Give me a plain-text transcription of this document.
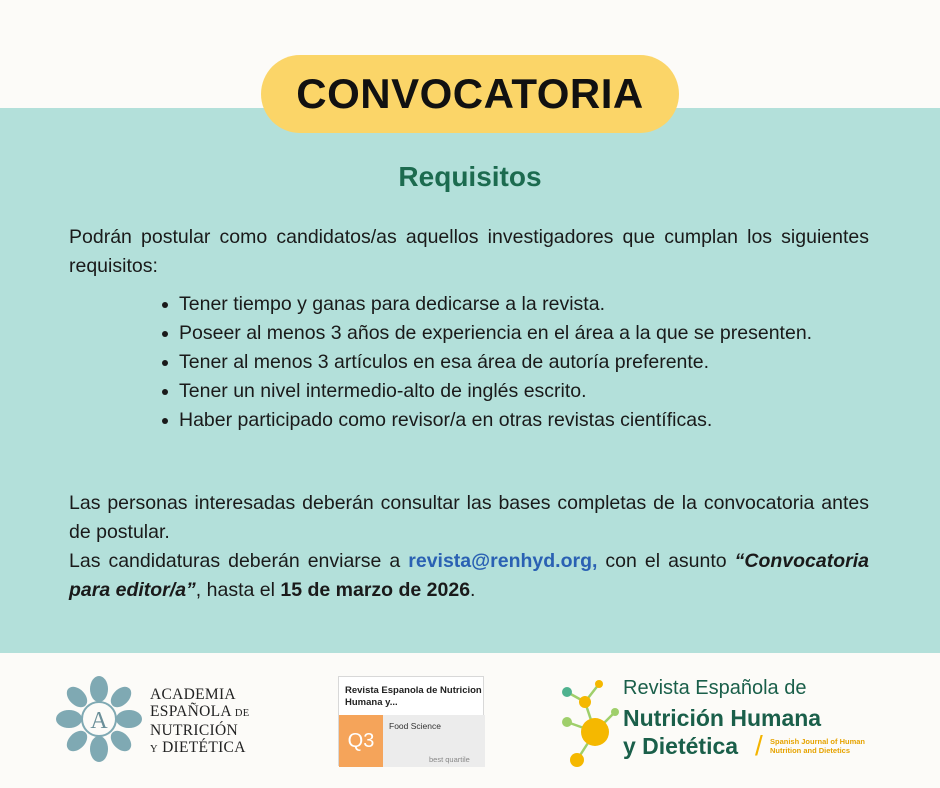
CONVOCATORIA
Requisitos

Podrán postular como candidatos/as aquellos investigadores que cumplan los siguientes requisitos:

Tener tiempo y ganas para dedicarse a la revista.
Poseer al menos 3 años de experiencia en el área a la que se presenten.
Tener al menos 3 artículos en esa área de autoría preferente.
Tener un nivel intermedio-alto de inglés escrito.
Haber participado como revisor/a en otras revistas científicas.
Las personas interesadas deberán consultar las bases completas de la convocatoria antes de postular.
Las candidaturas deberán enviarse a revista@renhyd.org, con el asunto “Convocatoria para editor/a”, hasta el 15 de marzo de 2026.
A
ACADEMIA
ESPAÑOLA DE
NUTRICIÓN
Y DIETÉTICA
Revista Espanola de Nutricion Humana y...
Q3
Food Science
best quartile
Revista Española de
Nutrición Humana
y Dietética / Spanish Journal of Human Nutrition and Dietetics
